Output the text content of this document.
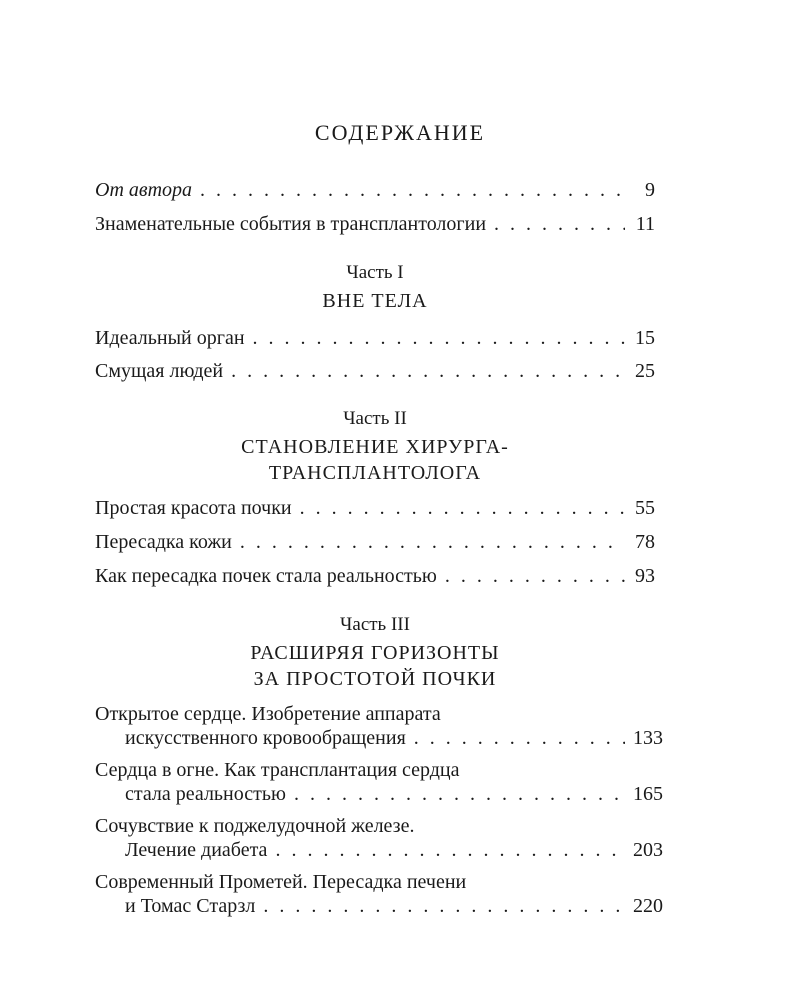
СОДЕРЖАНИЕ
От автора . . .	9
Знаменательные события в трансплантологии . . .	11
Часть I
ВНЕ ТЕЛА
Идеальный орган . . .	15
Смущая людей . . .	25
Часть II
СТАНОВЛЕНИЕ ХИРУРГА-
ТРАНСПЛАНТОЛОГА
Простая красота почки . . .	55
Пересадка кожи . . .	78
Как пересадка почек стала реальностью . . .	93
Часть III
РАСШИРЯЯ ГОРИЗОНТЫ
ЗА ПРОСТОТОЙ ПОЧКИ
Открытое сердце. Изобретение аппарата
искусственного кровообращения . . .	133
Сердца в огне. Как трансплантация сердца
стала реальностью . . .	165
Сочувствие к поджелудочной железе.
Лечение диабета . . .	203
Современный Прометей. Пересадка печени
и Томас Старзл . . .	220
